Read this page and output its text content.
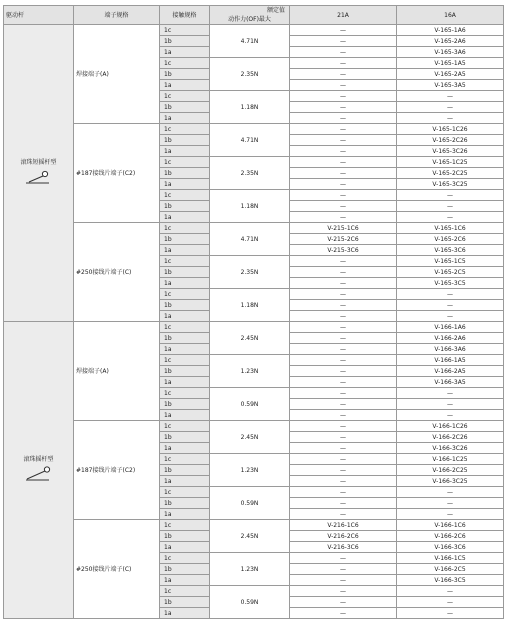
驱动杆	端子规格	接触规格	额定值
动作力(OF)最大	21A	16A

滚珠短摇杆型	焊接端子(A)	1c	4.71N	—	V-165-1A6
		1b		—	V-165-2A6
		1a		—	V-165-3A6
		1c	2.35N	—	V-165-1A5
		1b		—	V-165-2A5
		1a		—	V-165-3A5
		1c	1.18N	—	—
		1b		—	—
		1a		—	—
	#187接线片端子(C2)	1c	4.71N	—	V-165-1C26
		1b		—	V-165-2C26
		1a		—	V-165-3C26
		1c	2.35N	—	V-165-1C25
		1b		—	V-165-2C25
		1a		—	V-165-3C25
		1c	1.18N	—	—
		1b		—	—
		1a		—	—
	#250接线片端子(C)	1c	4.71N	V-215-1C6	V-165-1C6
		1b		V-215-2C6	V-165-2C6
		1a		V-215-3C6	V-165-3C6
		1c	2.35N	—	V-165-1C5
		1b		—	V-165-2C5
		1a		—	V-165-3C5
		1c	1.18N	—	—
		1b		—	—
		1a		—	—

滚珠摇杆型	焊接端子(A)	1c	2.45N	—	V-166-1A6
		1b		—	V-166-2A6
		1a		—	V-166-3A6
		1c	1.23N	—	V-166-1A5
		1b		—	V-166-2A5
		1a		—	V-166-3A5
		1c	0.59N	—	—
		1b		—	—
		1a		—	—
	#187接线片端子(C2)	1c	2.45N	—	V-166-1C26
		1b		—	V-166-2C26
		1a		—	V-166-3C26
		1c	1.23N	—	V-166-1C25
		1b		—	V-166-2C25
		1a		—	V-166-3C25
		1c	0.59N	—	—
		1b		—	—
		1a		—	—
	#250接线片端子(C)	1c	2.45N	V-216-1C6	V-166-1C6
		1b		V-216-2C6	V-166-2C6
		1a		V-216-3C6	V-166-3C6
		1c	1.23N	—	V-166-1C5
		1b		—	V-166-2C5
		1a		—	V-166-3C5
		1c	0.59N	—	—
		1b		—	—
		1a		—	—
